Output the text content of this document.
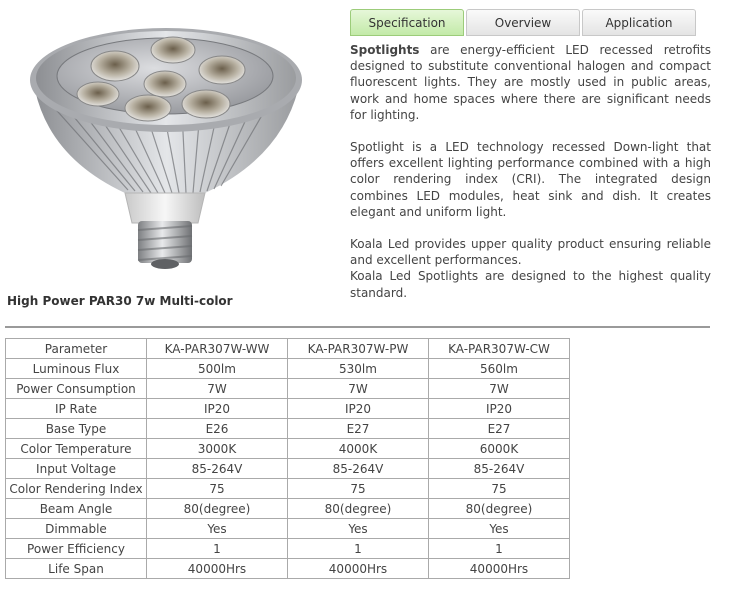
High Power PAR30 7w Multi-color
Specification	Overview	Application

Spotlights are energy-efficient LED recessed retrofits designed to substitute conventional halogen and compact fluorescent lights. They are mostly used in public areas, work and home spaces where there are significant needs for lighting.

Spotlight is a LED technology recessed Down-light that offers excellent lighting performance combined with a high color rendering index (CRI). The integrated design combines LED modules, heat sink and dish. It creates elegant and uniform light.

Koala Led provides upper quality product ensuring reliable and excellent performances.

Koala Led Spotlights are designed to the highest quality standard.

Parameter	KA-PAR307W-WW	KA-PAR307W-PW	KA-PAR307W-CW
Luminous Flux	500lm	530lm	560lm
Power Consumption	7W	7W	7W
IP Rate	IP20	IP20	IP20
Base Type	E26	E27	E27
Color Temperature	3000K	4000K	6000K
Input Voltage	85-264V	85-264V	85-264V
Color Rendering Index	75	75	75
Beam Angle	80(degree)	80(degree)	80(degree)
Dimmable	Yes	Yes	Yes
Power Efficiency	1	1	1
Life Span	40000Hrs	40000Hrs	40000Hrs
